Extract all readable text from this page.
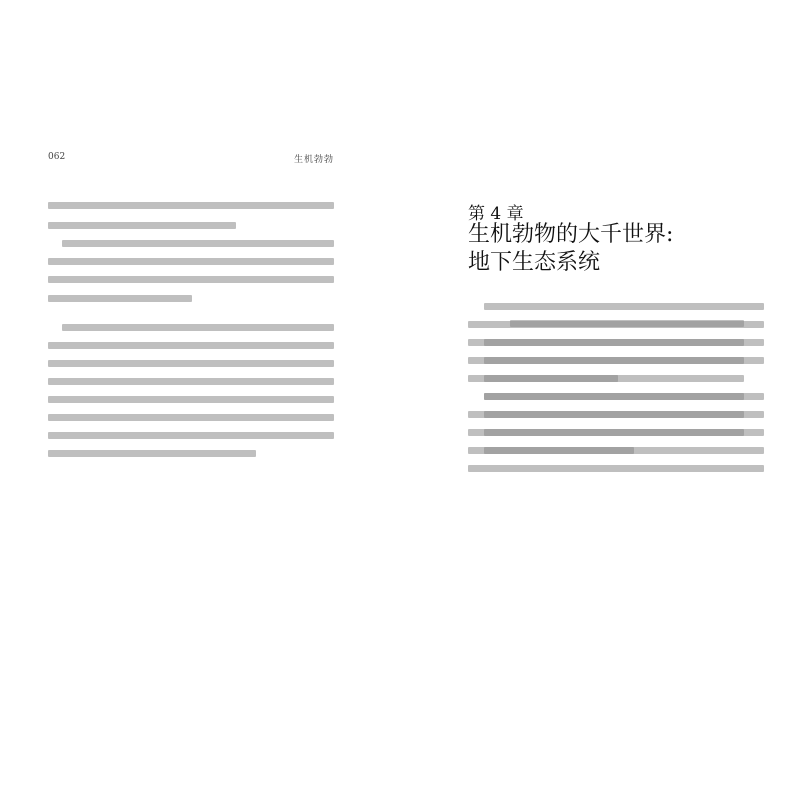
062	生机勃勃
第 4 章
生机勃物的大千世界:
地下生态系统
